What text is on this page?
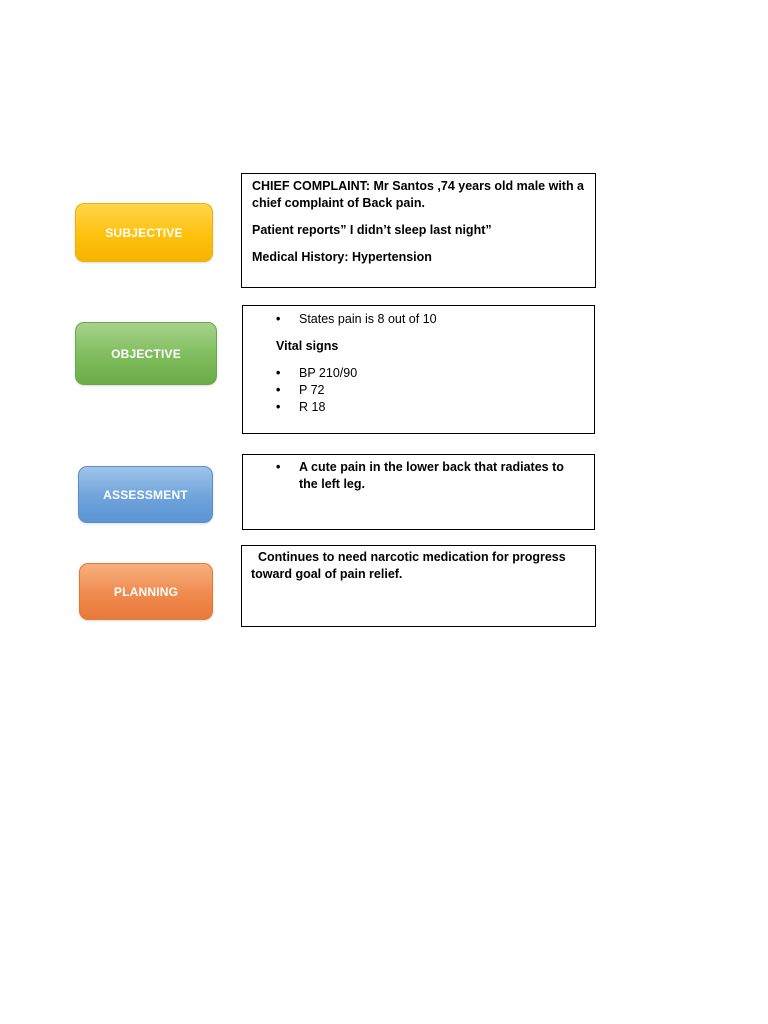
SUBJECTIVE

CHIEF COMPLAINT: Mr Santos ,74 years old male with a chief complaint of Back pain.

Patient reports” I didn’t sleep last night”

Medical History: Hypertension

OBJECTIVE
• States pain is 8 out of 10

Vital signs

• BP 210/90
• P 72
• R 18
ASSESSMENT
• A cute pain in the lower back that radiates to the left leg.
PLANNING

Continues to need narcotic medication for progress toward goal of pain relief.
